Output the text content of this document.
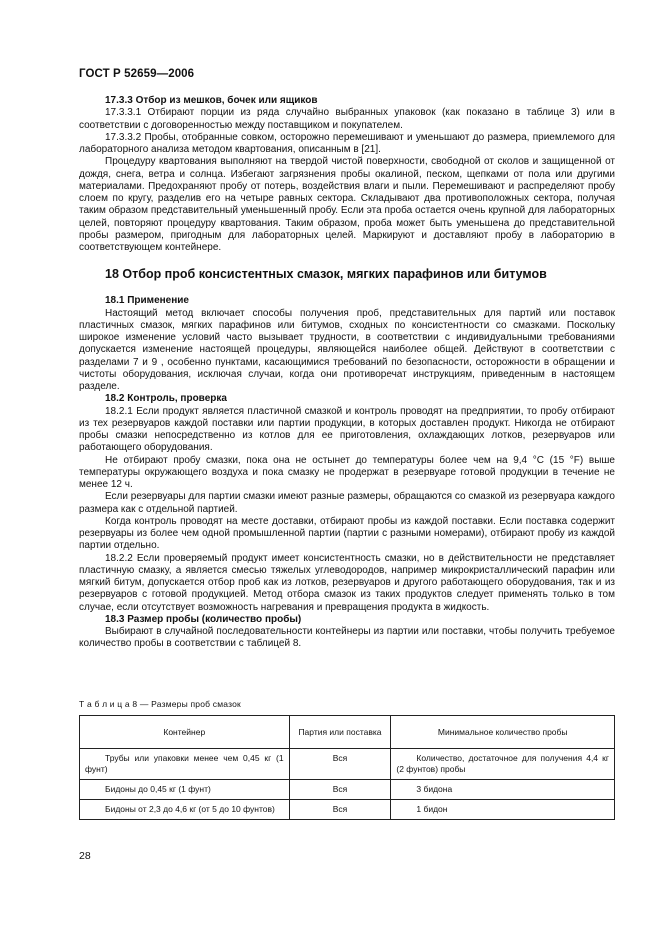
ГОСТ Р 52659—2006

17.3.3 Отбор из мешков, бочек или ящиков

17.3.3.1 Отбирают порции из ряда случайно выбранных упаковок (как показано в таблице 3) или в соответствии с договоренностью между поставщиком и покупателем.

17.3.3.2 Пробы, отобранные совком, осторожно перемешивают и уменьшают до размера, приемлемого для лабораторного анализа методом квартования, описанным в [21].

Процедуру квартования выполняют на твердой чистой поверхности, свободной от сколов и защищенной от дождя, снега, ветра и солнца. Избегают загрязнения пробы окалиной, песком, щепками от пола или другими материалами. Предохраняют пробу от потерь, воздействия влаги и пыли. Перемешивают и распределяют пробу слоем по кругу, разделив его на четыре равных сектора. Складывают два противоположных сектора, получая таким образом представительный уменьшенный пробу. Если эта проба остается очень крупной для лабораторных целей, повторяют процедуру квартования. Таким образом, проба может быть уменьшена до представительной пробы размером, пригодным для лабораторных целей. Маркируют и доставляют пробу в лабораторию в соответствующем контейнере.

18 Отбор проб консистентных смазок, мягких парафинов или битумов

18.1 Применение

Настоящий метод включает способы получения проб, представительных для партий или поставок пластичных смазок, мягких парафинов или битумов, сходных по консистентности со смазками. Поскольку широкое изменение условий часто вызывает трудности, в соответствии с индивидуальными требованиями допускается изменение настоящей процедуры, являющейся наиболее общей. Действуют в соответствии с разделами 7 и 9 , особенно пунктами, касающимися требований по безопасности, осторожности в обращении и чистоты оборудования, исключая случаи, когда они противоречат инструкциям, приведенным в настоящем разделе.

18.2 Контроль, проверка

18.2.1 Если продукт является пластичной смазкой и контроль проводят на предприятии, то пробу отбирают из тех резервуаров каждой поставки или партии продукции, в которых доставлен продукт. Никогда не отбирают пробы смазки непосредственно из котлов для ее приготовления, охлаждающих лотков, резервуаров или работающего оборудования.

Не отбирают пробу смазки, пока она не остынет до температуры более чем на 9,4 °С (15 °F) выше температуры окружающего воздуха и пока смазку не продержат в резервуаре готовой продукции в течение не менее 12 ч.

Если резервуары для партии смазки имеют разные размеры, обращаются со смазкой из резервуара каждого размера как с отдельной партией.

Когда контроль проводят на месте доставки, отбирают пробы из каждой поставки. Если поставка содержит резервуары из более чем одной промышленной партии (партии с разными номерами), отбирают пробу из каждой партии отдельно.

18.2.2 Если проверяемый продукт имеет консистентность смазки, но в действительности не представляет пластичную смазку, а является смесью тяжелых углеводородов, например микрокристаллический парафин или мягкий битум, допускается отбор проб как из лотков, резервуаров и другого работающего оборудования, так и из резервуаров с готовой продукцией. Метод отбора смазок из таких продуктов следует применять только в том случае, если отсутствует возможность нагревания и превращения продукта в жидкость.

18.3 Размер пробы (количество пробы)

Выбирают в случайной последовательности контейнеры из партии или поставки, чтобы получить требуемое количество пробы в соответствии с таблицей 8.

Т а б л и ц а 8 — Размеры проб смазок
Контейнер	Партия или поставка	Минимальное количество пробы
Трубы или упаковки менее чем 0,45 кг (1 фунт)	Вся	Количество, достаточное для получения 4,4 кг (2 фунтов) пробы
Бидоны до 0,45 кг (1 фунт)	Вся	3 бидона
Бидоны от 2,3 до 4,6 кг (от 5 до 10 фунтов)	Вся	1 бидон
28
